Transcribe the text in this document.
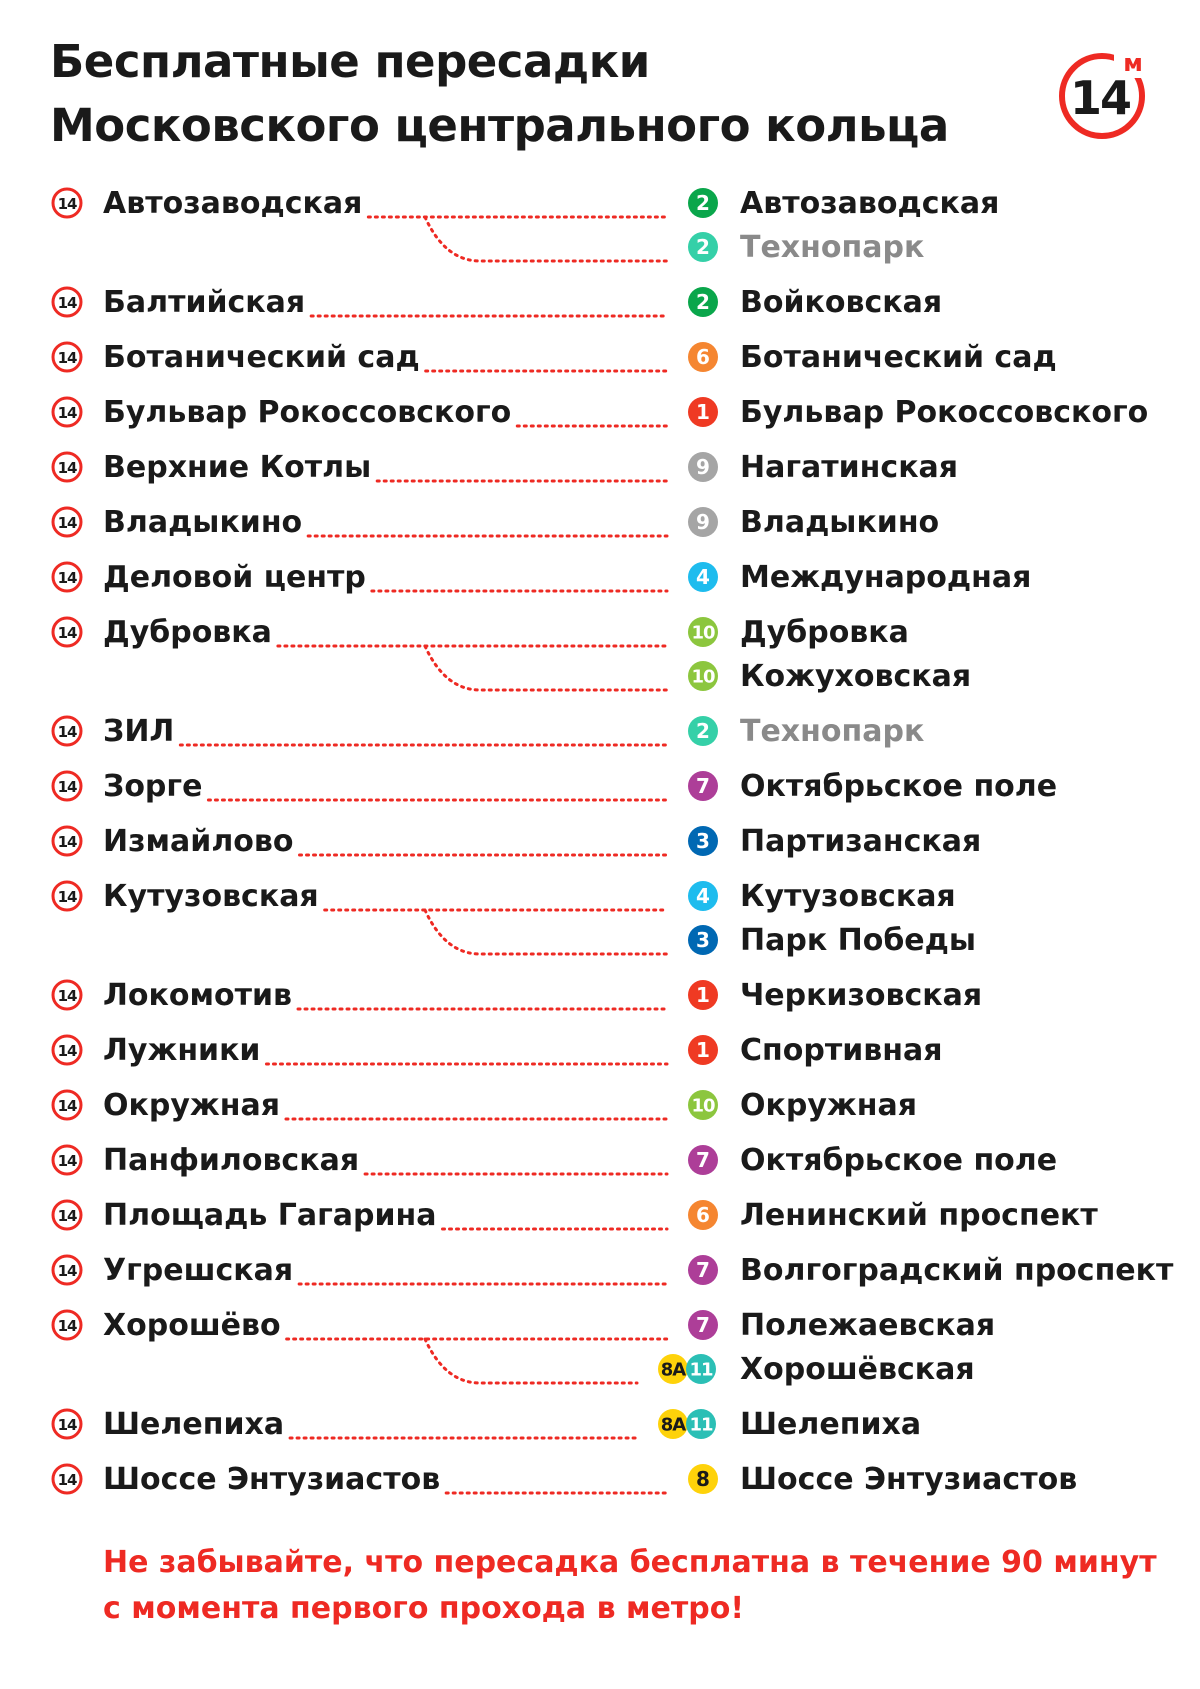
Бесплатные пересадки
Московского центрального кольца
14
м
14 Автозаводская	2 Автозаводская
2 Технопарк
14 Балтийская	2 Войковская
14 Ботанический сад	6 Ботанический сад
14 Бульвар Рокоссовского	1 Бульвар Рокоссовского
14 Верхние Котлы	9 Нагатинская
14 Владыкино	9 Владыкино
14 Деловой центр	4 Международная
14 Дубровка	10 Дубровка
10 Кожуховская
14 ЗИЛ	2 Технопарк
14 Зорге	7 Октябрьское поле
14 Измайлово	3 Партизанская
14 Кутузовская	4 Кутузовская
3 Парк Победы
14 Локомотив	1 Черкизовская
14 Лужники	1 Спортивная
14 Окружная	10 Окружная
14 Панфиловская	7 Октябрьское поле
14 Площадь Гагарина	6 Ленинский проспект
14 Угрешская	7 Волгоградский проспект
14 Хорошёво	7 Полежаевская
8А 11 Хорошёвская
14 Шелепиха	8А 11 Шелепиха
14 Шоссе Энтузиастов	8 Шоссе Энтузиастов

Не забывайте, что пересадка бесплатна в течение 90 минут
с момента первого прохода в метро!
